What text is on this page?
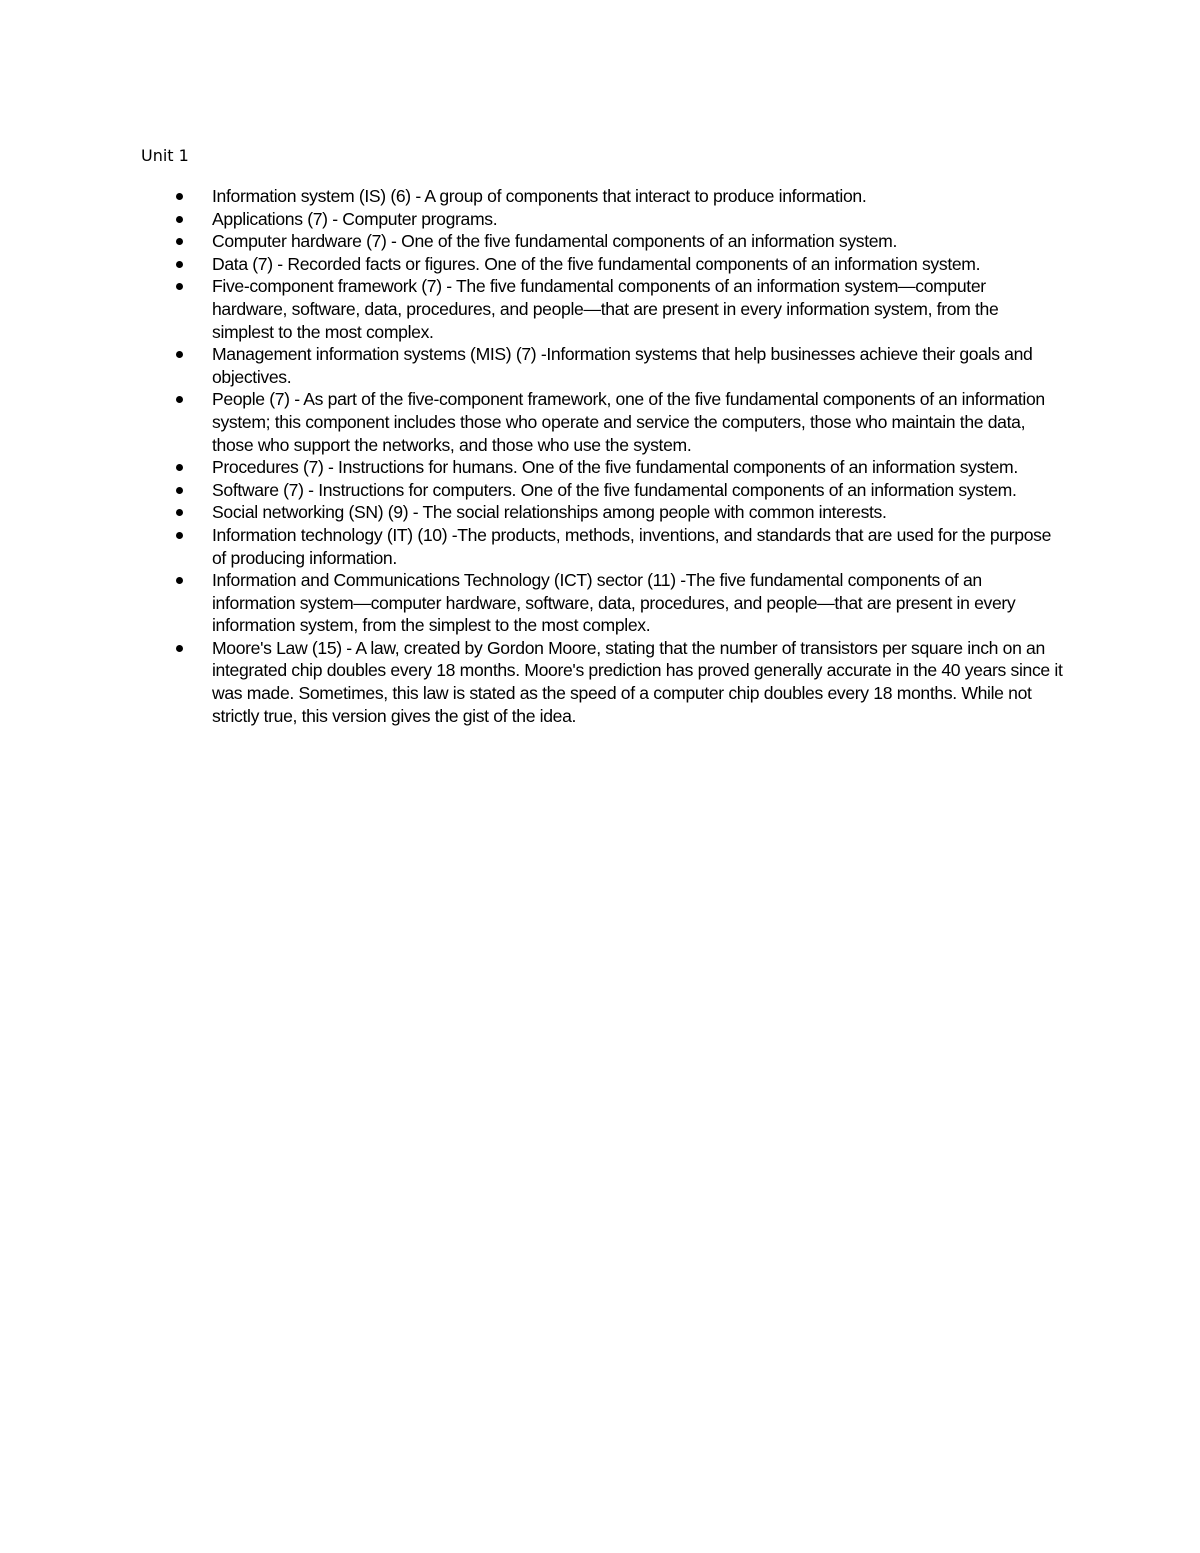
Unit 1
Information system (IS) (6) - A group of components that interact to produce information.
Applications (7) - Computer programs.
Computer hardware (7) - One of the five fundamental components of an information system.
Data (7) - Recorded facts or figures. One of the five fundamental components of an information system.
Five-component framework (7) - The five fundamental components of an information system—computer hardware, software, data, procedures, and people—that are present in every information system, from the simplest to the most complex.
Management information systems (MIS) (7) -Information systems that help businesses achieve their goals and objectives.
People (7) - As part of the five-component framework, one of the five fundamental components of an information system; this component includes those who operate and service the computers, those who maintain the data, those who support the networks, and those who use the system.
Procedures (7) - Instructions for humans. One of the five fundamental components of an information system.
Software (7) - Instructions for computers. One of the five fundamental components of an information system.
Social networking (SN) (9) - The social relationships among people with common interests.
Information technology (IT) (10) -The products, methods, inventions, and standards that are used for the purpose of producing information.
Information and Communications Technology (ICT) sector (11) -The five fundamental components of an information system—computer hardware, software, data, procedures, and people—that are present in every information system, from the simplest to the most complex.
Moore's Law (15) - A law, created by Gordon Moore, stating that the number of transistors per square inch on an integrated chip doubles every 18 months. Moore's prediction has proved generally accurate in the 40 years since it was made. Sometimes, this law is stated as the speed of a computer chip doubles every 18 months. While not strictly true, this version gives the gist of the idea.
